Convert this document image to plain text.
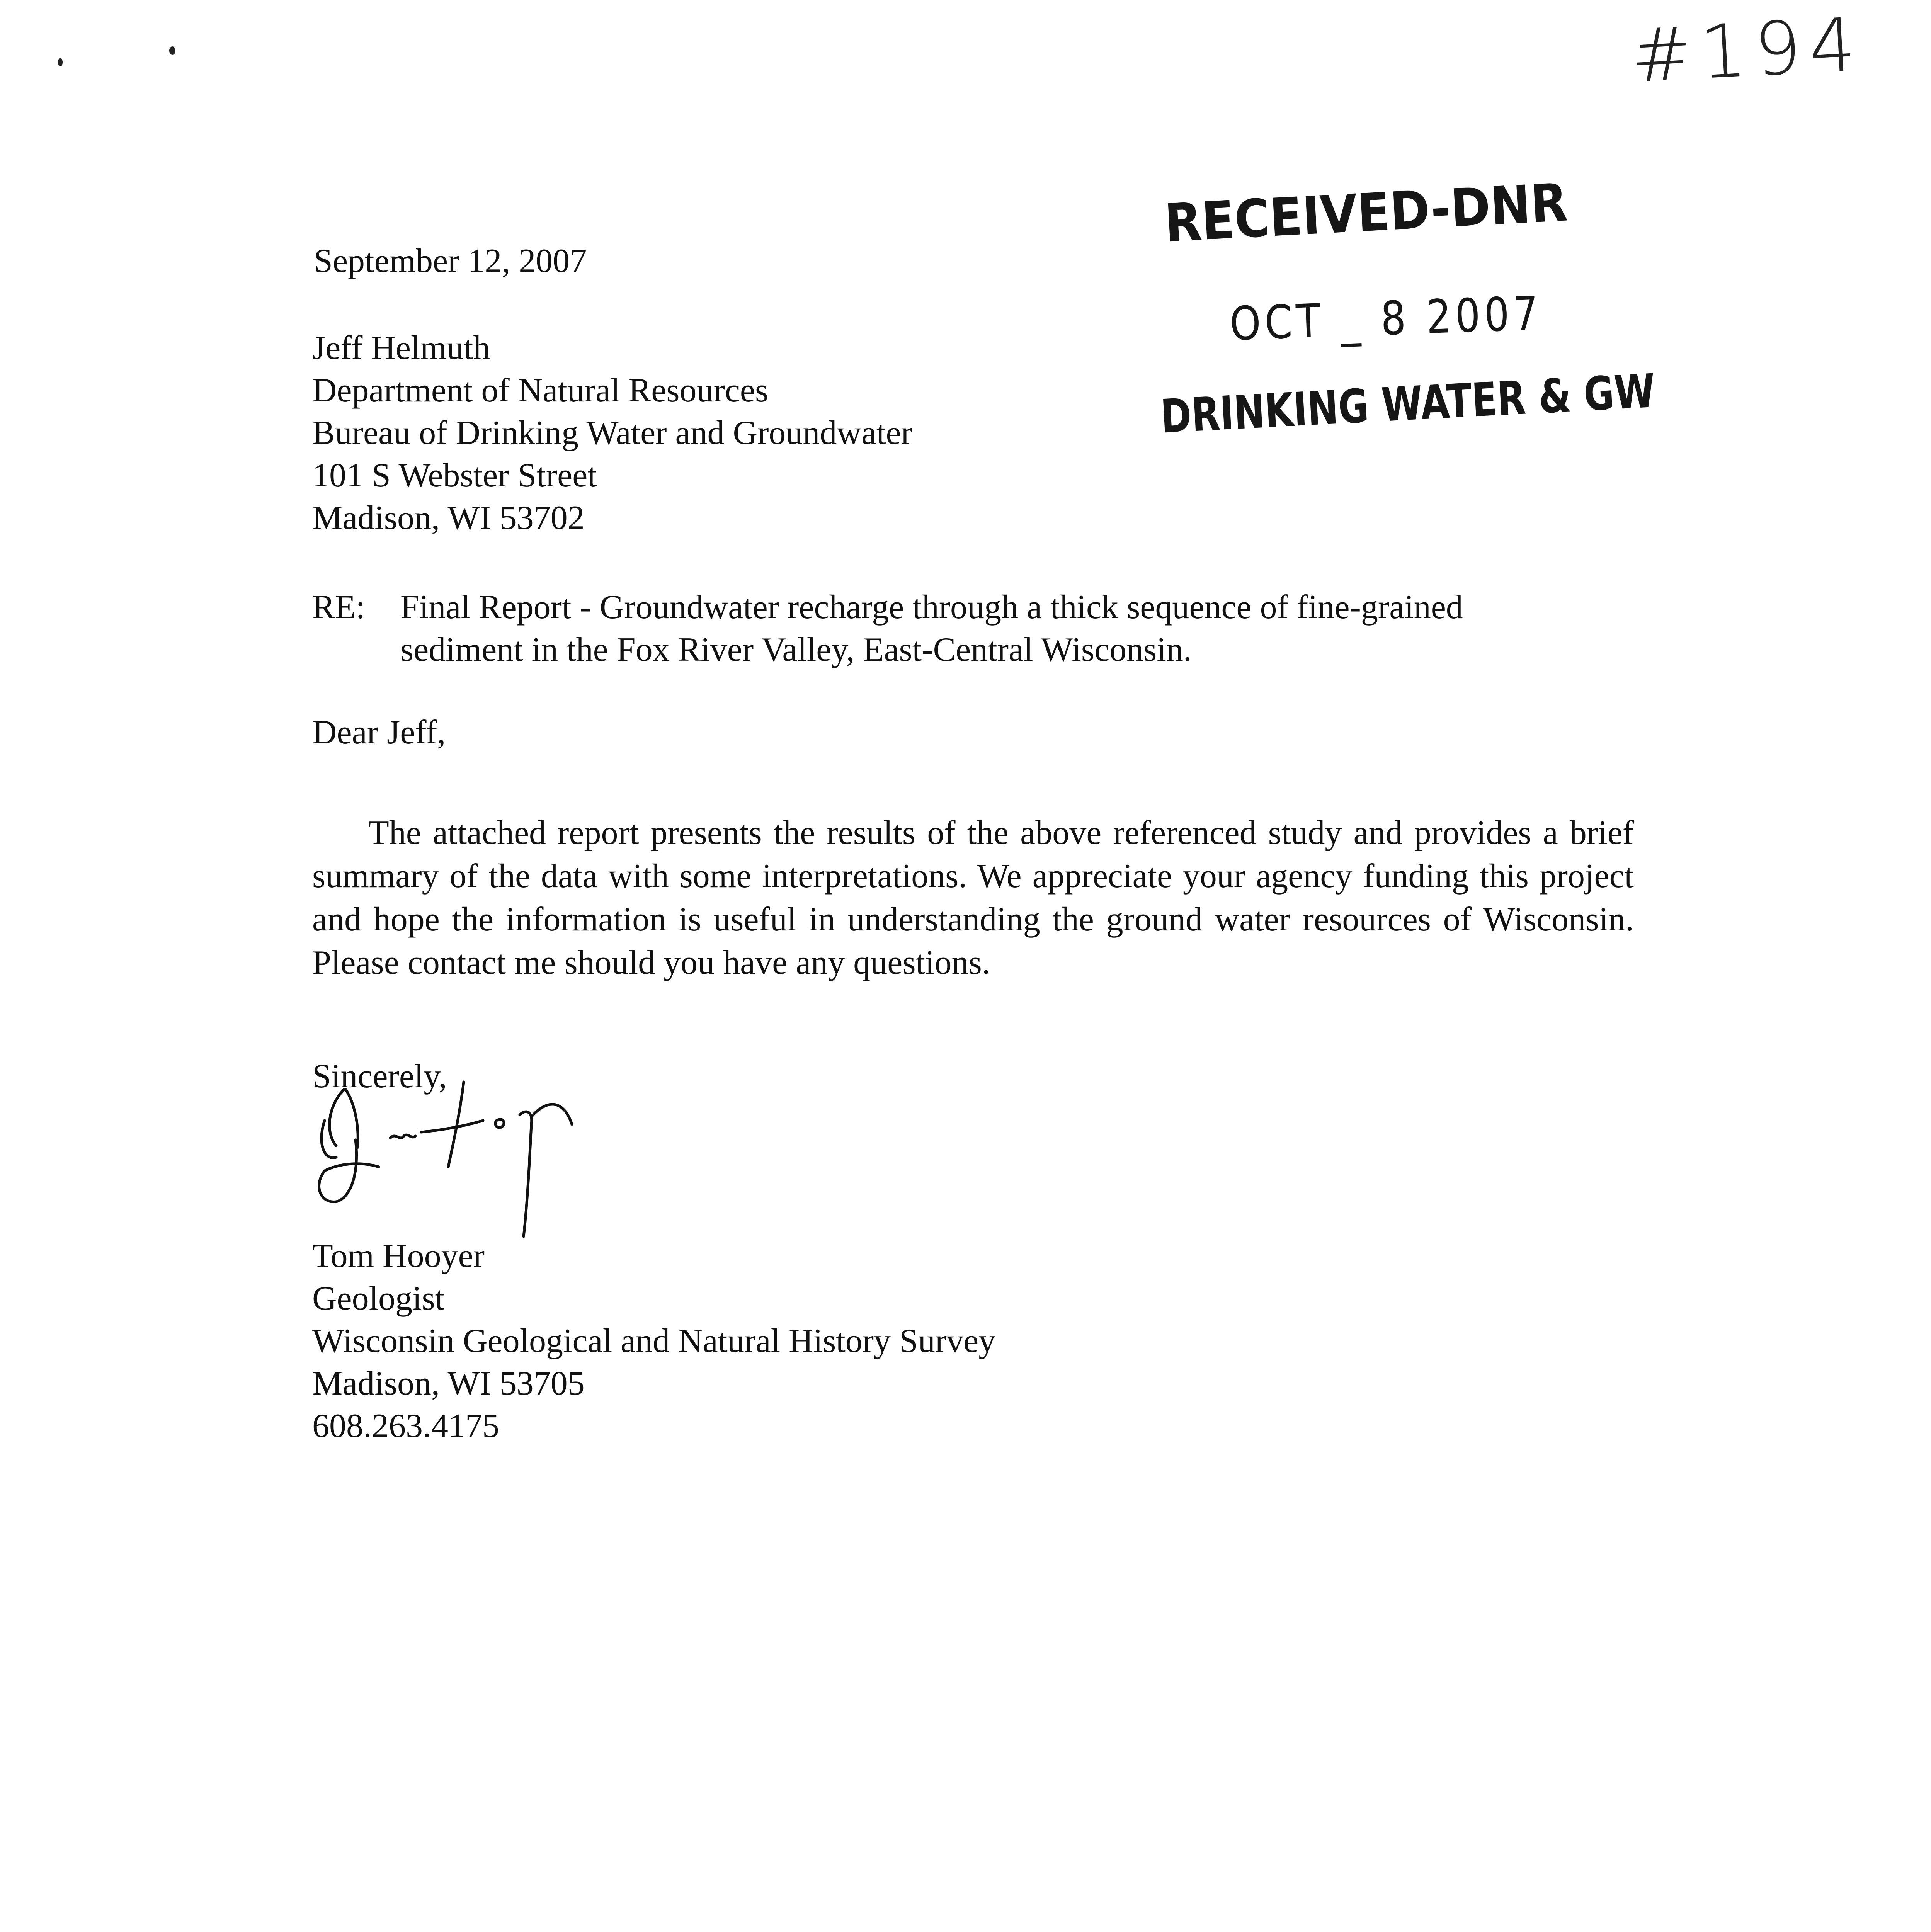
#194
RECEIVED-DNR
OCT _ 8 2007
DRINKING WATER & GW
September 12, 2007
Jeff Helmuth
Department of Natural Resources
Bureau of Drinking Water and Groundwater
101 S Webster Street
Madison, WI 53702
RE: Final Report - Groundwater recharge through a thick sequence of fine-grained
sediment in the Fox River Valley, East-Central Wisconsin.
Dear Jeff,
The attached report presents the results of the above referenced study and provides a brief summary of the data with some interpretations. We appreciate your agency funding this project and hope the information is useful in understanding the ground water resources of Wisconsin. Please contact me should you have any questions.
Sincerely,
Tom Hooyer
Geologist
Wisconsin Geological and Natural History Survey
Madison, WI 53705
608.263.4175
